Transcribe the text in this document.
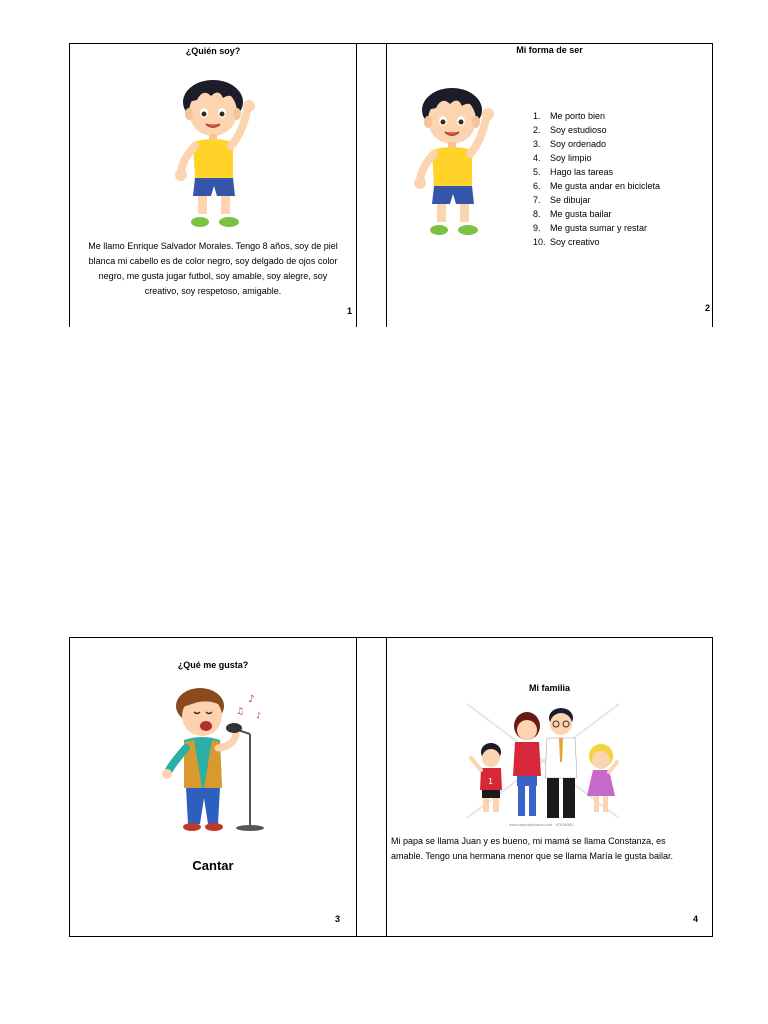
¿Quién soy?
Me llamo Enrique Salvador Morales. Tengo 8 años, soy de piel
blanca mi cabello es de color negro, soy delgado de ojos color
negro, me gusta jugar futbol, soy amable, soy alegre, soy
creativo, soy respetoso, amigable.
1
Mi forma de ser
1.	Me porto bien
2.	Soy estudioso
3.	Soy ordenado
4.	Soy limpio
5.	Hago las tareas
6.	Me gusta andar en bicicleta
7.	Se dibujar
8.	Me gusta bailar
9.	Me gusta sumar y restar
10. Soy creativo
2
¿Qué me gusta?
♪
♫ ♪
Cantar
3
Mi familia
1
www.depositphotos.com · 67836382
Mi papa se llama Juan y es bueno, mi mamá se llama Constanza, es
amable. Tengo una hermana menor que se llama María le gusta bailar.
4
